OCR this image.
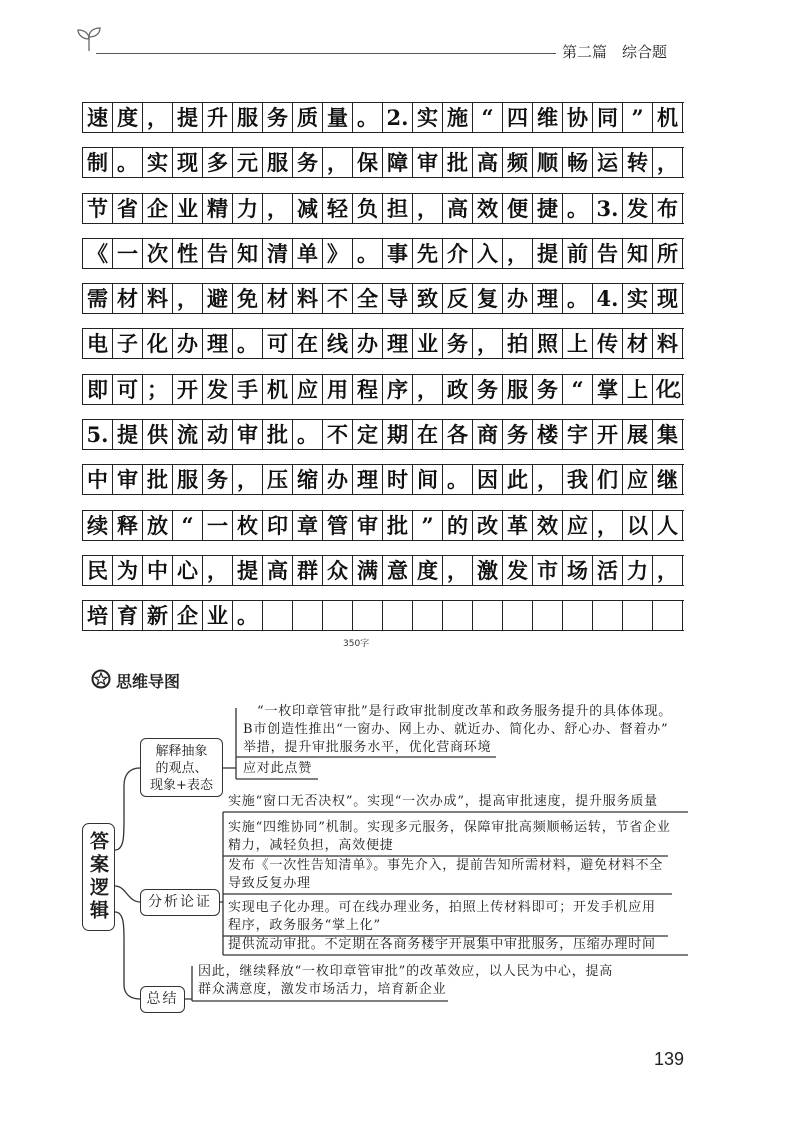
第二篇　综合题
速 度 ， 提 升 服 务 质 量 。 2. 实 施 “ 四 维 协 同 ” 机
制 。 实 现 多 元 服 务 ， 保 障 审 批 高 频 顺 畅 运 转 ，
节 省 企 业 精 力 ， 减 轻 负 担 ， 高 效 便 捷 。 3. 发 布
《 一 次 性 告 知 清 单 》 。 事 先 介 入 ， 提 前 告 知 所
需 材 料 ， 避 免 材 料 不 全 导 致 反 复 办 理 。 4. 实 现
电 子 化 办 理 。 可 在 线 办 理 业 务 ， 拍 照 上 传 材 料
即 可 ； 开 发 手 机 应 用 程 序 ， 政 务 服 务 “ 掌 上 化”。
5. 提 供 流 动 审 批 。 不 定 期 在 各 商 务 楼 宇 开 展 集
中 审 批 服 务 ， 压 缩 办 理 时 间 。 因 此 ， 我 们 应 继
续 释 放 “ 一 枚 印 章 管 审 批 ” 的 改 革 效 应 ， 以 人
民 为 中 心 ， 提 高 群 众 满 意 度 ， 激 发 市 场 活 力 ，
培 育 新 企 业 。
350字
思维导图
答案逻辑
解释抽象
的观点、
现象+表态
分析论证
总结
“一枚印章管审批”是行政审批制度改革和政务服务提升的具体体现。
B市创造性推出“一窗办、网上办、就近办、简化办、舒心办、督着办”
举措，提升审批服务水平，优化营商环境
应对此点赞
实施“窗口无否决权”。实现“一次办成”，提高审批速度，提升服务质量
实施“四维协同”机制。实现多元服务，保障审批高频顺畅运转，节省企业
精力，减轻负担，高效便捷
发布《一次性告知清单》。事先介入，提前告知所需材料，避免材料不全
导致反复办理
实现电子化办理。可在线办理业务，拍照上传材料即可；开发手机应用
程序，政务服务“掌上化”
提供流动审批。不定期在各商务楼宇开展集中审批服务，压缩办理时间
因此，继续释放“一枚印章管审批”的改革效应，以人民为中心，提高
群众满意度，激发市场活力，培育新企业
139
